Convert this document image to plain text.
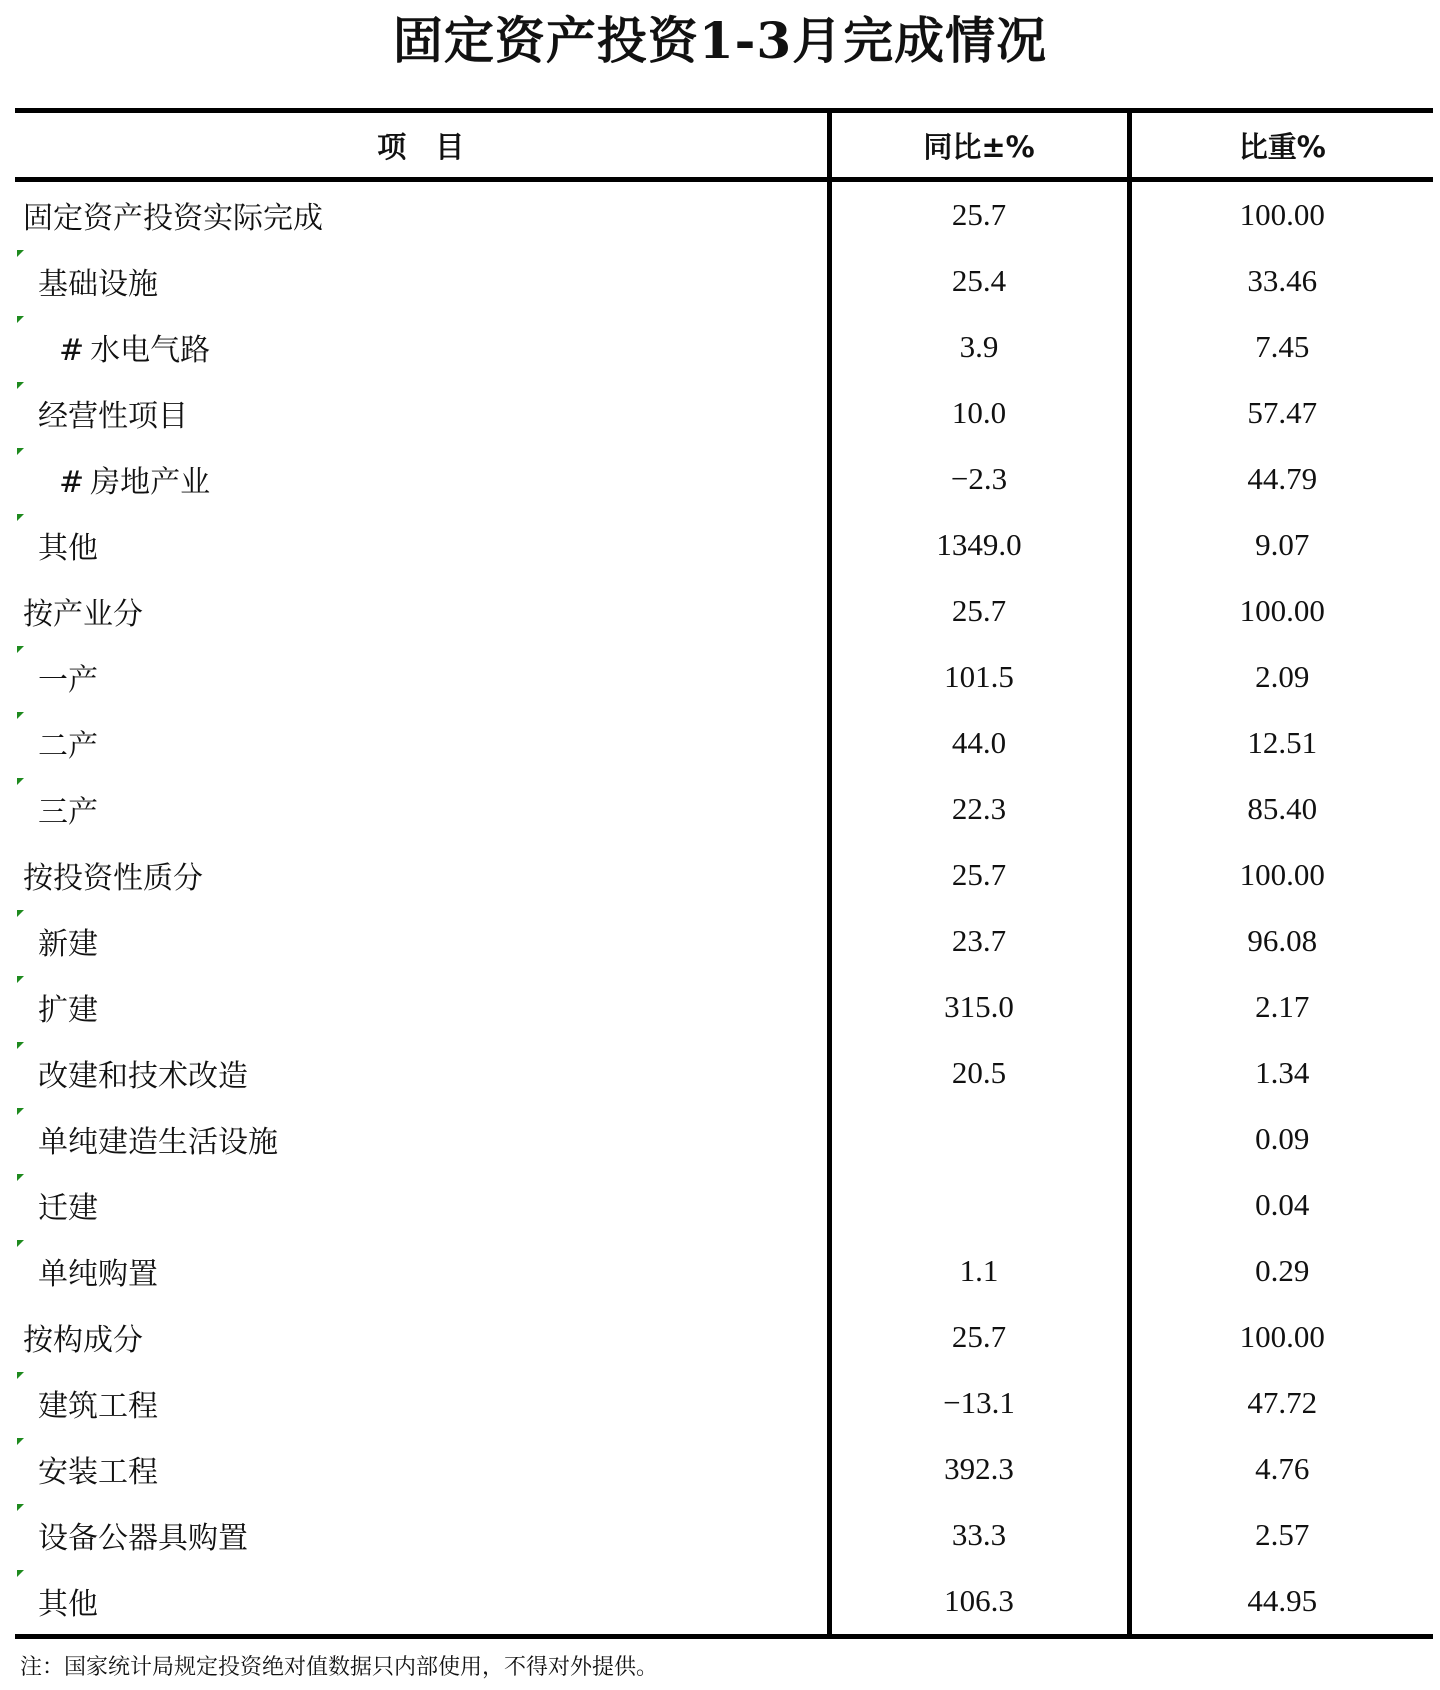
固定资产投资1-3月完成情况
项　目	同比±%	比重%
固定资产投资实际完成	25.7	100.00

基础设施	25.4	33.46

# 水电气路	3.9	7.45

经营性项目	10.0	57.47

# 房地产业	−2.3	44.79

其他	1349.0	9.07
按产业分	25.7	100.00

一产	101.5	2.09

二产	44.0	12.51

三产	22.3	85.40
按投资性质分	25.7	100.00

新建	23.7	96.08

扩建	315.0	2.17

改建和技术改造	20.5	1.34

单纯建造生活设施		0.09

迁建		0.04

单纯购置	1.1	0.29
按构成分	25.7	100.00

建筑工程	−13.1	47.72

安装工程	392.3	4.76

设备公器具购置	33.3	2.57

其他	106.3	44.95
注：国家统计局规定投资绝对值数据只内部使用，不得对外提供。
